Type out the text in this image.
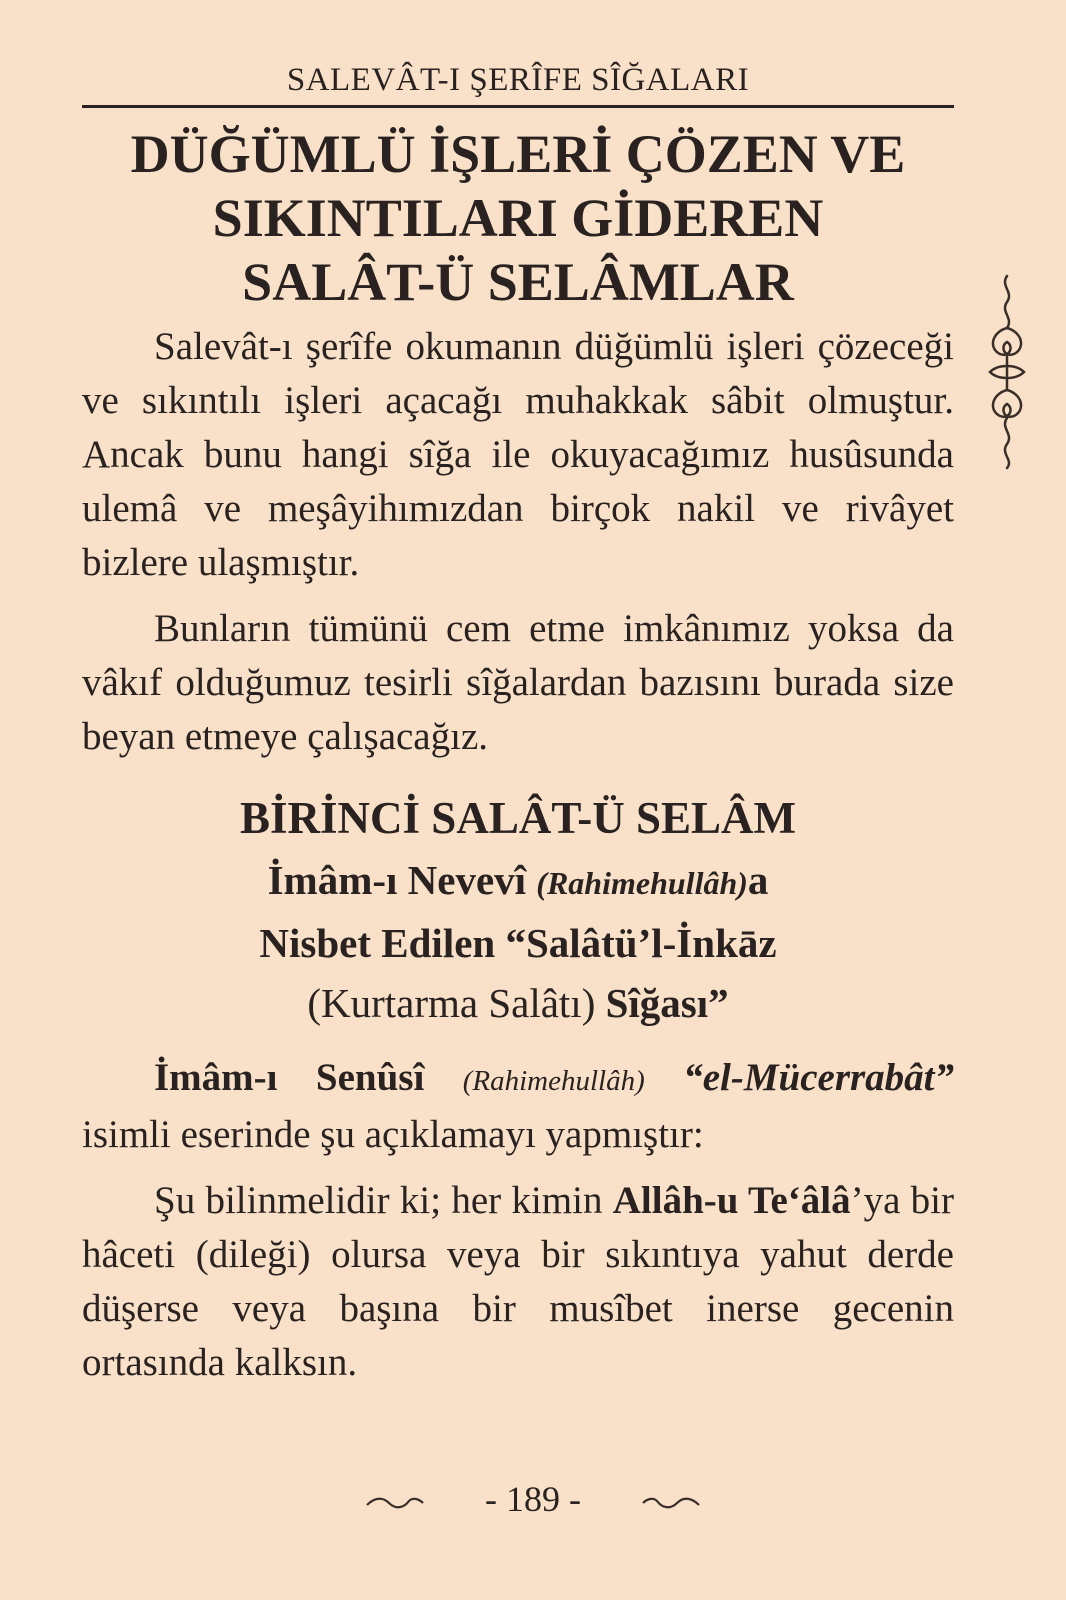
SALEVÂT-I ŞERÎFE SÎĞALARI
DÜĞÜMLÜ İŞLERİ ÇÖZEN VE
SIKINTILARI GİDEREN
SALÂT-Ü SELÂMLAR

Salevât-ı şerîfe okumanın düğümlü işleri çözeceği ve sıkıntılı işleri açacağı muhakkak sâbit olmuştur. Ancak bunu hangi sîğa ile okuyacağımız husûsunda ulemâ ve meşâyihımızdan birçok nakil ve rivâyet bizlere ulaşmıştır.

Bunların tümünü cem etme imkânımız yoksa da vâkıf olduğumuz tesirli sîğalardan bazısını burada size beyan etmeye çalışacağız.

BİRİNCİ SALÂT-Ü SELÂM
İmâm-ı Nevevî (Rahimehullâh)a
Nisbet Edilen “Salâtü’l-İnkāz
(Kurtarma Salâtı) Sîğası”

İmâm-ı Senûsî (Rahimehullâh) “el-Mücerrabât” isimli eserinde şu açıklamayı yapmıştır:

Şu bilinmelidir ki; her kimin Allâh-u Te‘âlâ’ya bir hâceti (dileği) olursa veya bir sıkıntıya yahut derde düşerse veya başına bir musîbet inerse gecenin ortasında kalksın.

- 189 -
